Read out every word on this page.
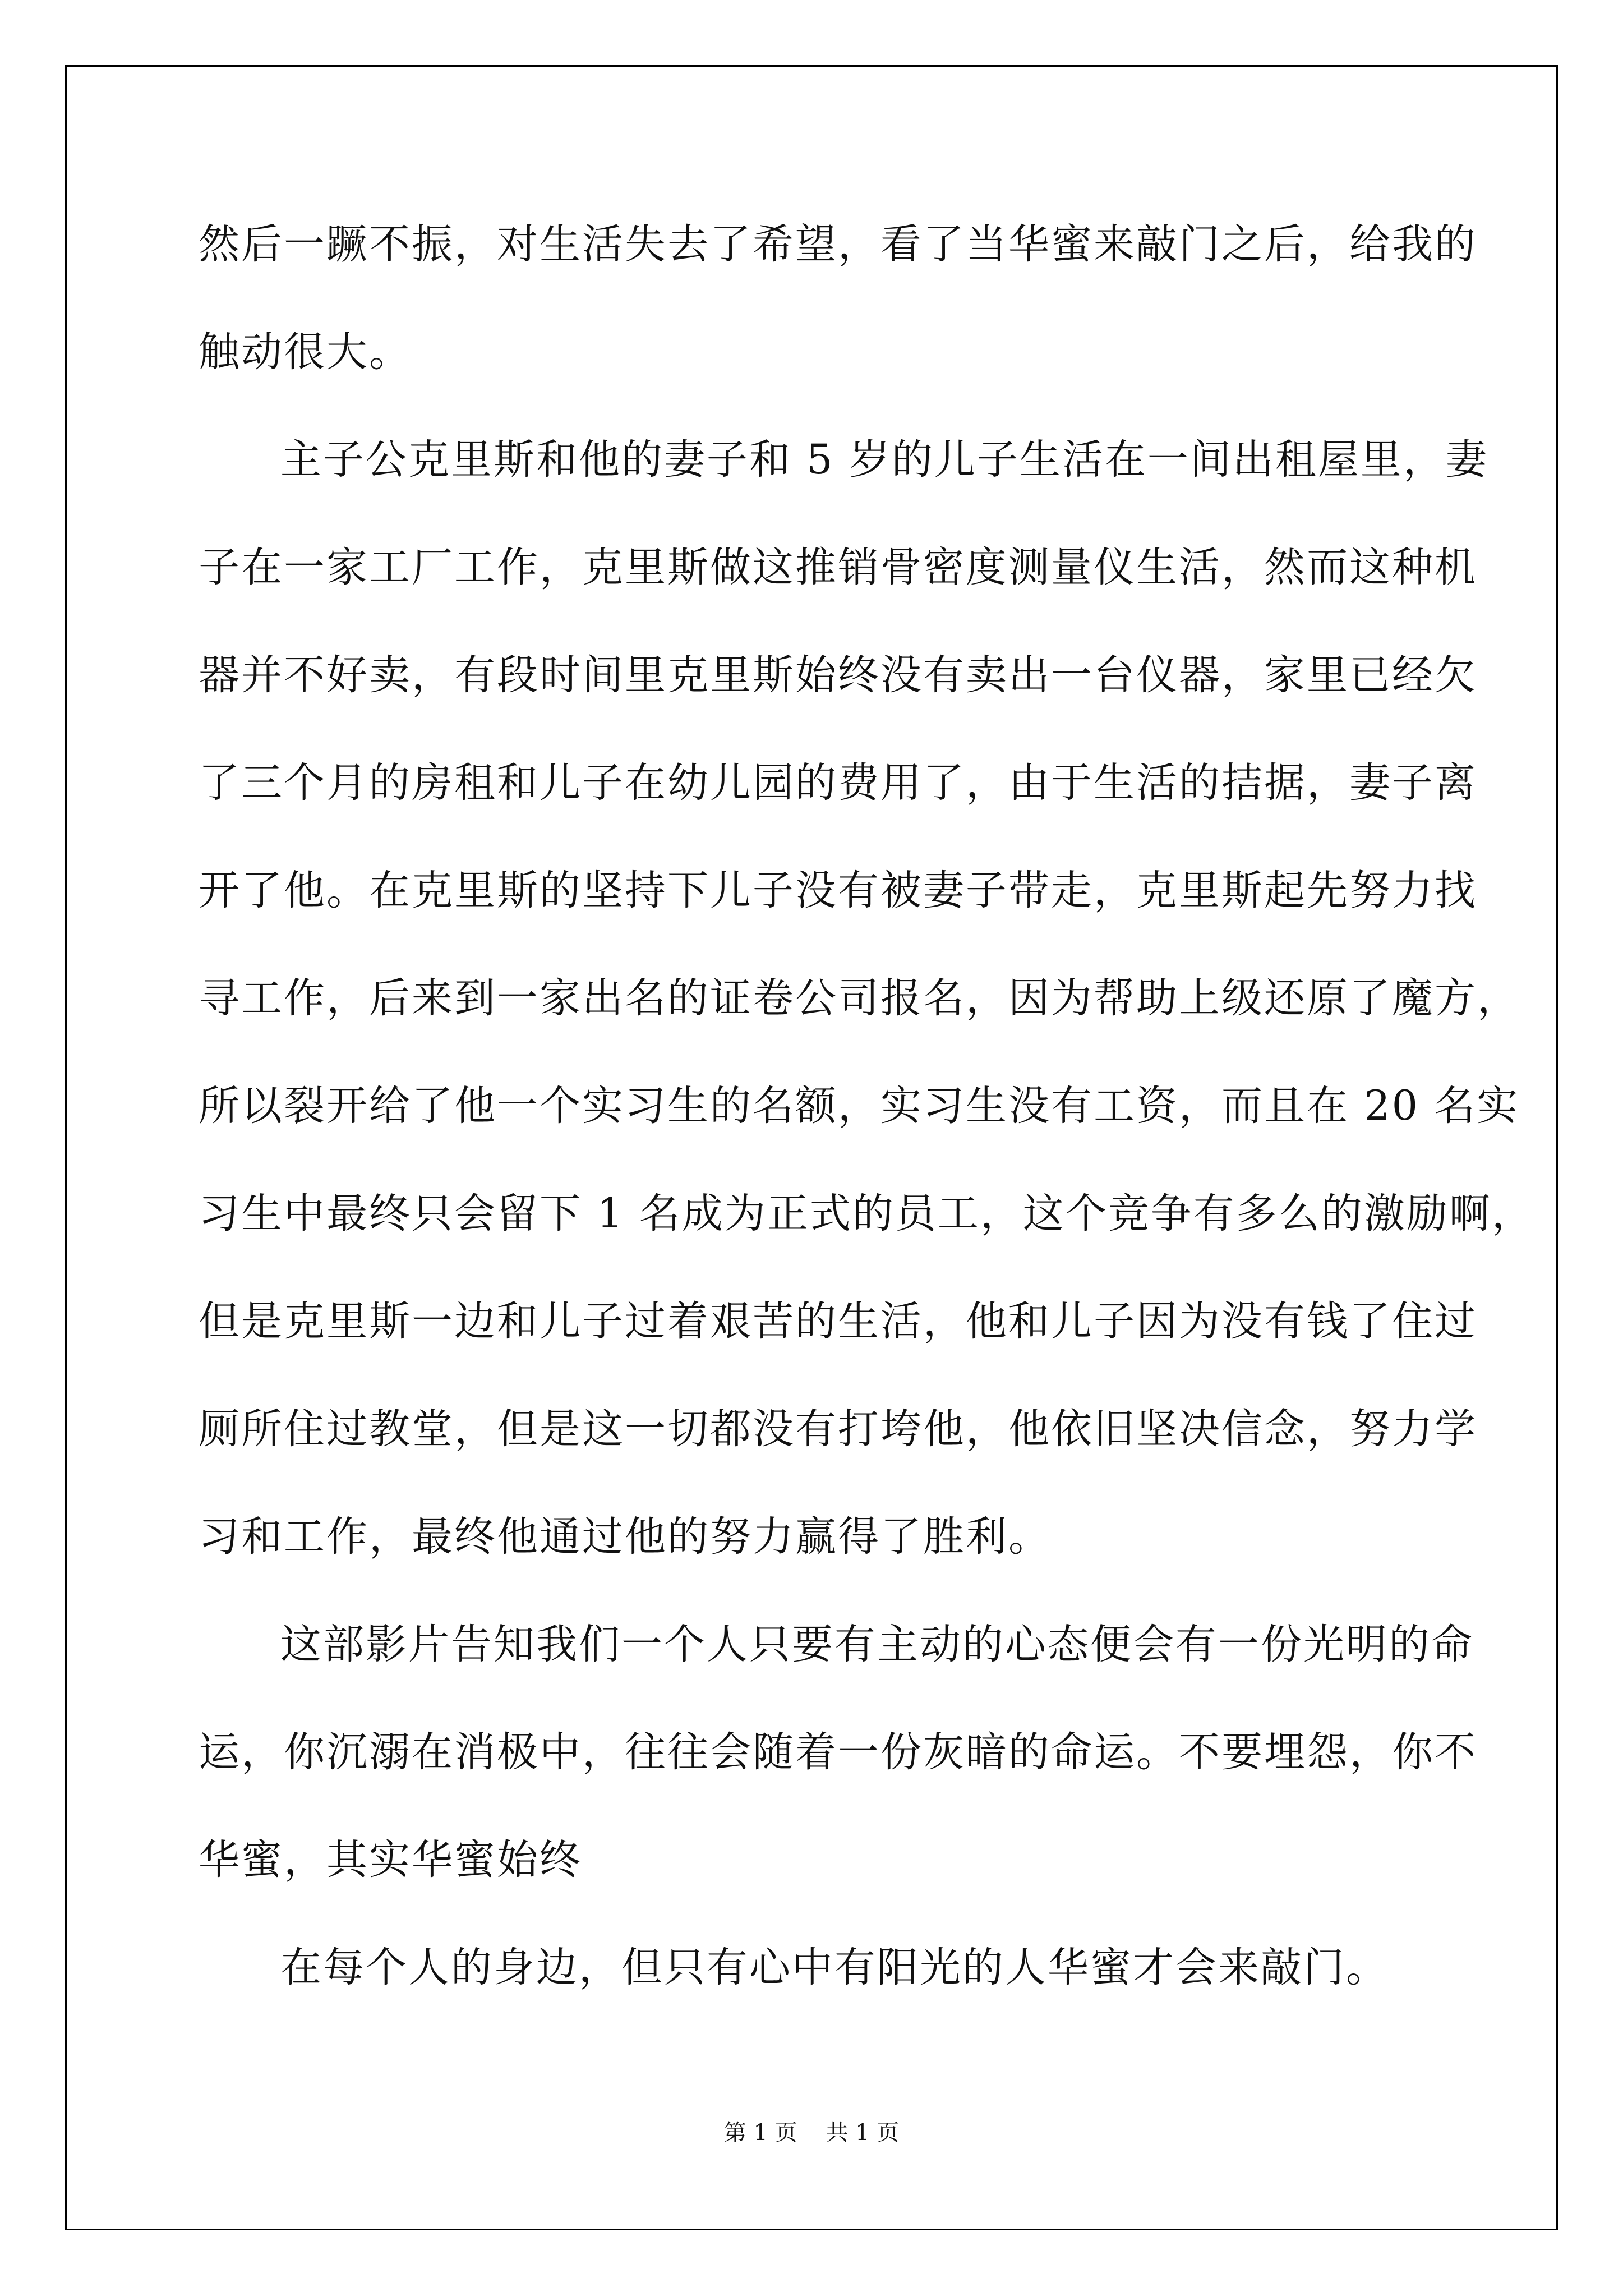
然后一蹶不振，对生活失去了希望，看了当华蜜来敲门之后，给我的
触动很大。
主子公克里斯和他的妻子和 5 岁的儿子生活在一间出租屋里，妻
子在一家工厂工作，克里斯做这推销骨密度测量仪生活，然而这种机
器并不好卖，有段时间里克里斯始终没有卖出一台仪器，家里已经欠
了三个月的房租和儿子在幼儿园的费用了，由于生活的拮据，妻子离
开了他。在克里斯的坚持下儿子没有被妻子带走，克里斯起先努力找
寻工作，后来到一家出名的证卷公司报名，因为帮助上级还原了魔方，
所以裂开给了他一个实习生的名额，实习生没有工资，而且在 20 名实
习生中最终只会留下 1 名成为正式的员工，这个竞争有多么的激励啊，
但是克里斯一边和儿子过着艰苦的生活，他和儿子因为没有钱了住过
厕所住过教堂，但是这一切都没有打垮他，他依旧坚决信念，努力学
习和工作，最终他通过他的努力赢得了胜利。
这部影片告知我们一个人只要有主动的心态便会有一份光明的命
运，你沉溺在消极中，往往会随着一份灰暗的命运。不要埋怨，你不
华蜜，其实华蜜始终
在每个人的身边，但只有心中有阳光的人华蜜才会来敲门。
第 1 页    共 1 页
